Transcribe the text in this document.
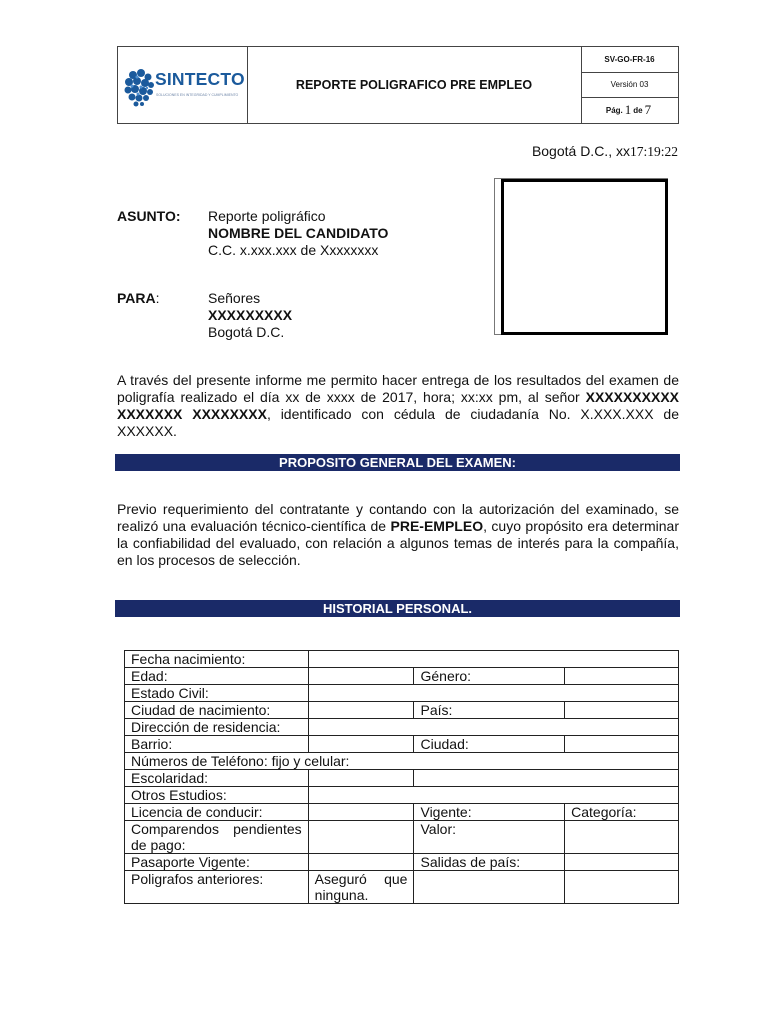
SINTECTO
SOLUCIONES EN INTEGRIDAD Y CUMPLIMIENTO
REPORTE POLIGRAFICO PRE EMPLEO
SV-GO-FR-16
Versión 03
Pág. 1 de 7
Bogotá D.C., xx17:19:22
ASUNTO: Reporte poligráfico
NOMBRE DEL CANDIDATO
C.C. x.xxx.xxx de Xxxxxxxx
PARA:	Señores
XXXXXXXXX
Bogotá D.C.
A través del presente informe me permito hacer entrega de los resultados del examen de poligrafía realizado el día xx de xxxx de 2017, hora; xx:xx pm, al señor XXXXXXXXXX XXXXXXX XXXXXXXX, identificado con cédula de ciudadanía No. X.XXX.XXX de XXXXXX.
PROPOSITO GENERAL DEL EXAMEN:
Previo requerimiento del contratante y contando con la autorización del examinado, se realizó una evaluación técnico-científica de PRE-EMPLEO, cuyo propósito era determinar la confiabilidad del evaluado, con relación a algunos temas de interés para la compañía, en los procesos de selección.
HISTORIAL PERSONAL.
Fecha nacimiento:			
Edad:		Género:	
Estado Civil:			
Ciudad de nacimiento:		País:	
Dirección de residencia:			
Barrio:		Ciudad:	
Números de Teléfono: fijo y celular:			
Escolaridad:			
Otros Estudios:			
Licencia de conducir:		Vigente:	Categoría:

Comparendos pendientes
de pago:		Valor:	
Pasaporte Vigente:		Salidas de país:	
Poligrafos anteriores:	Aseguró que
ninguna.		
